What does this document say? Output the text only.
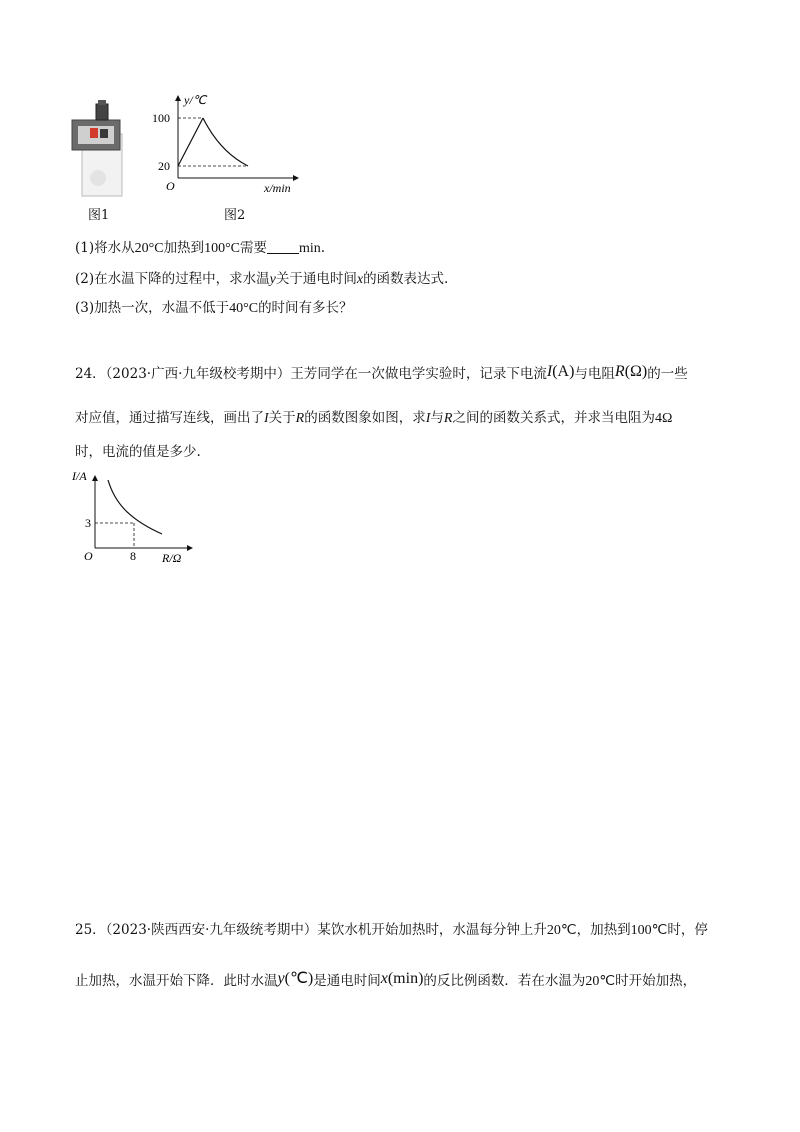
图1
y/℃
100
20
O	x/min
图2
(1)将水从20°C加热到100°C需要 min.
(2)在水温下降的过程中，求水温y关于通电时间x的函数表达式.
(3)加热一次，水温不低于40°C的时间有多长？
24．（2023·广西·九年级校考期中）王芳同学在一次做电学实验时，记录下电流I(A)与电阻R(Ω)的一些
对应值，通过描写连线，画出了I关于R的函数图象如图，求I与R之间的函数关系式，并求当电阻为4Ω
时，电流的值是多少.
I/A
3
O	8 R/Ω
25．（2023·陕西西安·九年级统考期中）某饮水机开始加热时，水温每分钟上升20℃，加热到100℃时，停
止加热，水温开始下降．此时水温y(℃)是通电时间x(min)的反比例函数．若在水温为20℃时开始加热，
